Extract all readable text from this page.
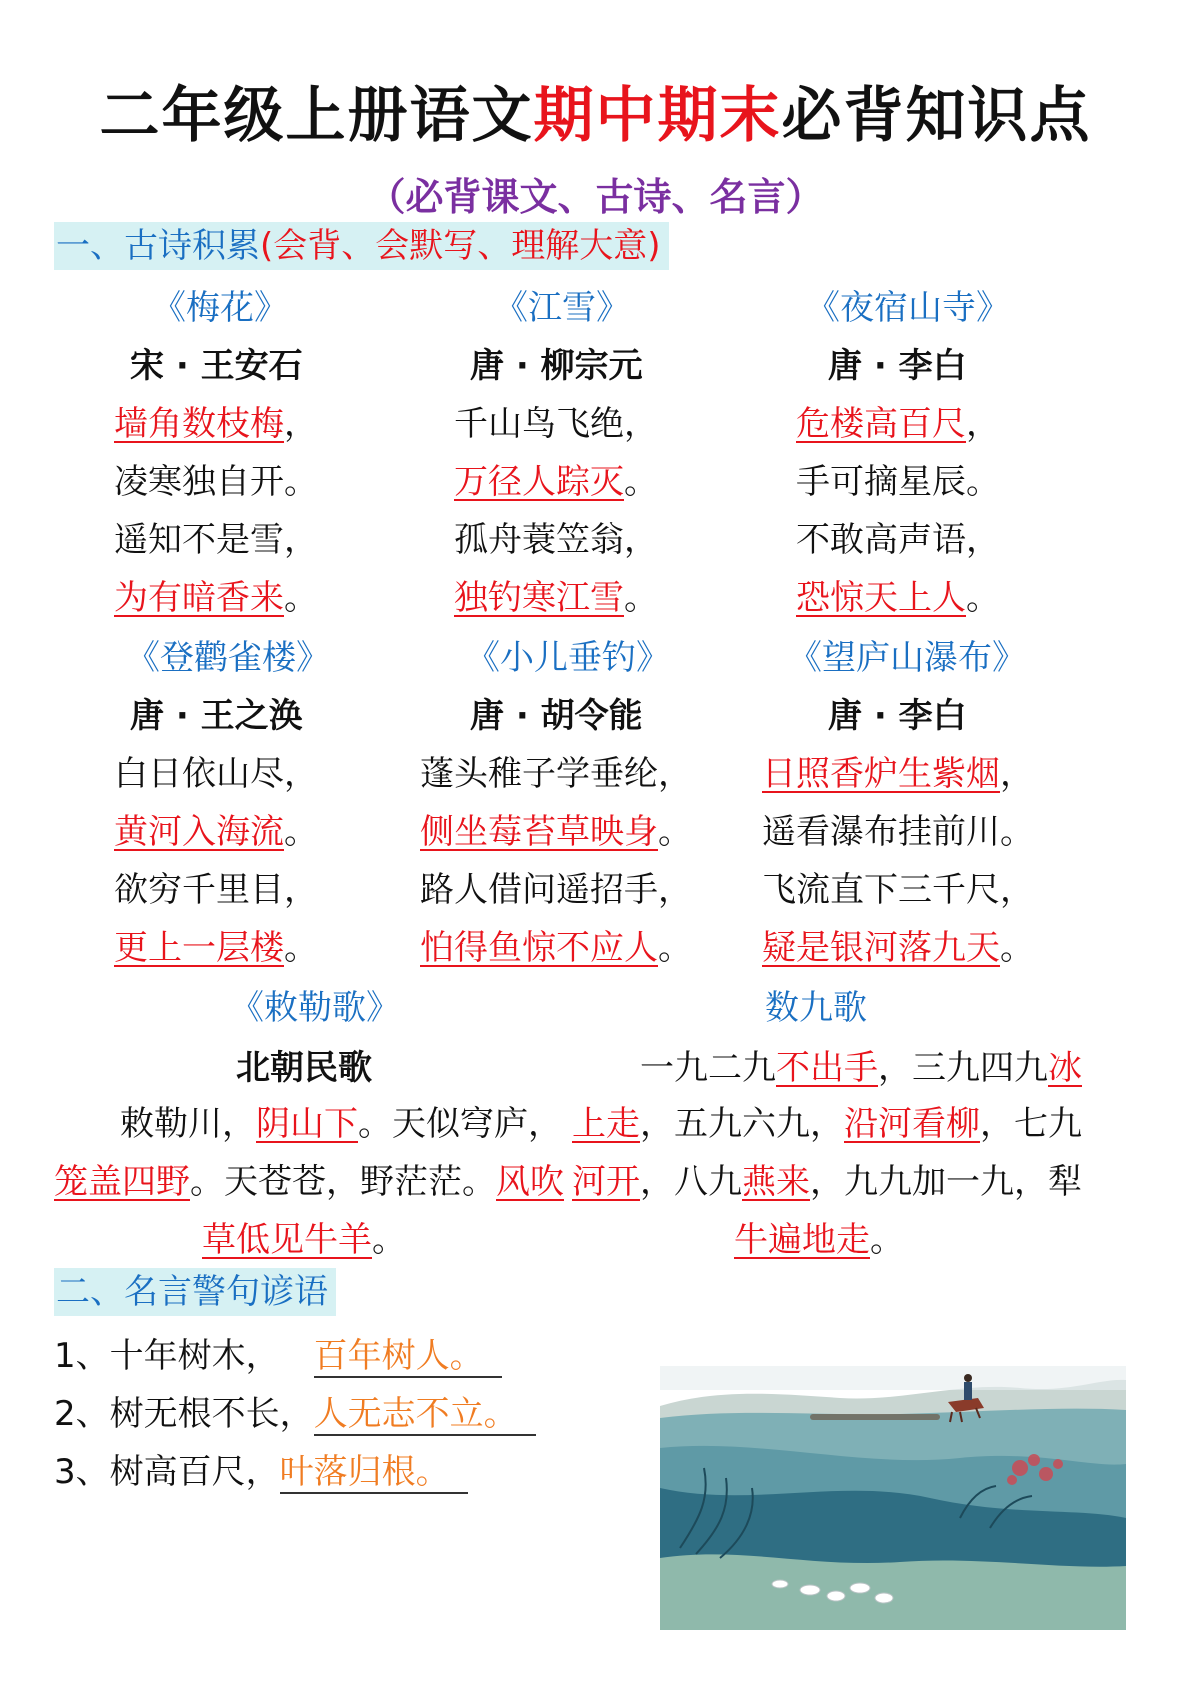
二年级上册语文期中期末必背知识点
（必背课文、古诗、名言）
一、古诗积累(会背、会默写、理解大意)
《梅花》
宋 · 王安石
墙角数枝梅，
凌寒独自开。
遥知不是雪，
为有暗香来。
《江雪》
唐 · 柳宗元
千山鸟飞绝，
万径人踪灭。
孤舟蓑笠翁，
独钓寒江雪。
《夜宿山寺》
唐 · 李白
危楼高百尺，
手可摘星辰。
不敢高声语，
恐惊天上人。
《登鹳雀楼》
唐 · 王之涣
白日依山尽，
黄河入海流。
欲穷千里目，
更上一层楼。
《小儿垂钓》
唐 · 胡令能
蓬头稚子学垂纶，
侧坐莓苔草映身。
路人借问遥招手，
怕得鱼惊不应人。
《望庐山瀑布》
唐 · 李白
日照香炉生紫烟，
遥看瀑布挂前川。
飞流直下三千尺，
疑是银河落九天。
《敕勒歌》
北朝民歌
敕勒川，阴山下。天似穹庐，
笼盖四野。天苍苍，野茫茫。风吹
草低见牛羊。
数九歌
一九二九不出手，三九四九冰
上走，五九六九，沿河看柳，七九
河开，八九燕来，九九加一九，犁
牛遍地走。
二、名言警句谚语
1、十年树木， 百年树人。
2、树无根不长，人无志不立。
3、树高百尺，叶落归根。
